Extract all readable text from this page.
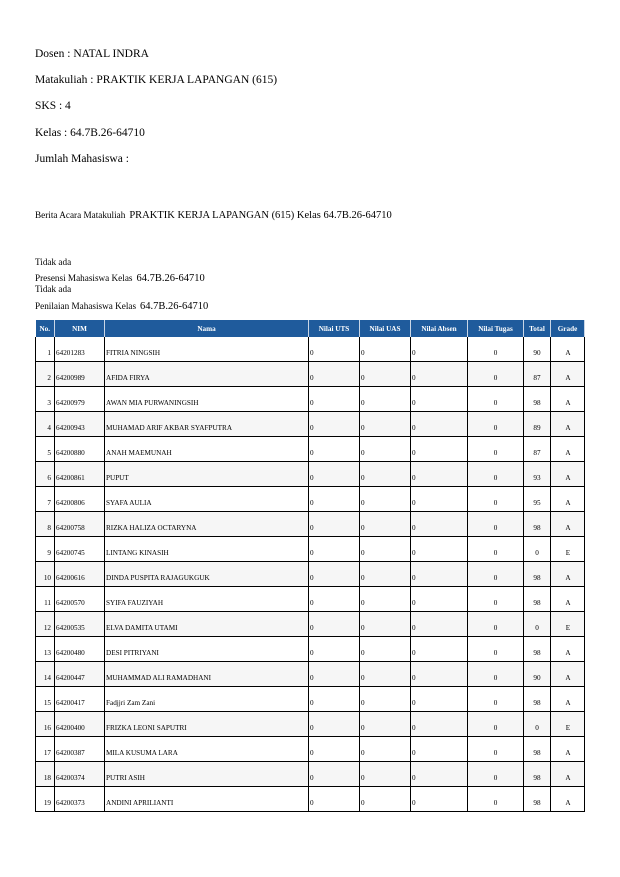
Dosen : NATAL INDRA
Matakuliah : PRAKTIK KERJA LAPANGAN (615)
SKS : 4
Kelas : 64.7B.26-64710
Jumlah Mahasiswa :
Berita Acara Matakuliah PRAKTIK KERJA LAPANGAN (615) Kelas 64.7B.26-64710
Tidak ada
Presensi Mahasiswa Kelas 64.7B.26-64710
Tidak ada
Penilaian Mahasiswa Kelas 64.7B.26-64710
No.	NIM	Nama	Nilai UTS	Nilai UAS	Nilai Absen	Nilai Tugas	Total	Grade
1	64201283	FITRIA NINGSIH	0	0	0	0	90	A
2	64200989	AFIDA FIRYA	0	0	0	0	87	A
3	64200979	AWAN MIA PURWANINGSIH	0	0	0	0	98	A
4	64200943	MUHAMAD ARIF AKBAR SYAFPUTRA	0	0	0	0	89	A
5	64200880	ANAH MAEMUNAH	0	0	0	0	87	A
6	64200861	PUPUT	0	0	0	0	93	A
7	64200806	SYAFA AULIA	0	0	0	0	95	A
8	64200758	RIZKA HALIZA OCTARYNA	0	0	0	0	98	A
9	64200745	LINTANG KINASIH	0	0	0	0	0	E
10	64200616	DINDA PUSPITA RAJAGUKGUK	0	0	0	0	98	A
11	64200570	SYIFA FAUZIYAH	0	0	0	0	98	A
12	64200535	ELVA DAMITA UTAMI	0	0	0	0	0	E
13	64200480	DESI PITRIYANI	0	0	0	0	98	A
14	64200447	MUHAMMAD ALI RAMADHANI	0	0	0	0	90	A
15	64200417	Fadjjri Zam Zani	0	0	0	0	98	A
16	64200400	FRIZKA LEONI SAPUTRI	0	0	0	0	0	E
17	64200387	MILA KUSUMA LARA	0	0	0	0	98	A
18	64200374	PUTRI ASIH	0	0	0	0	98	A
19	64200373	ANDINI APRILIANTI	0	0	0	0	98	A
